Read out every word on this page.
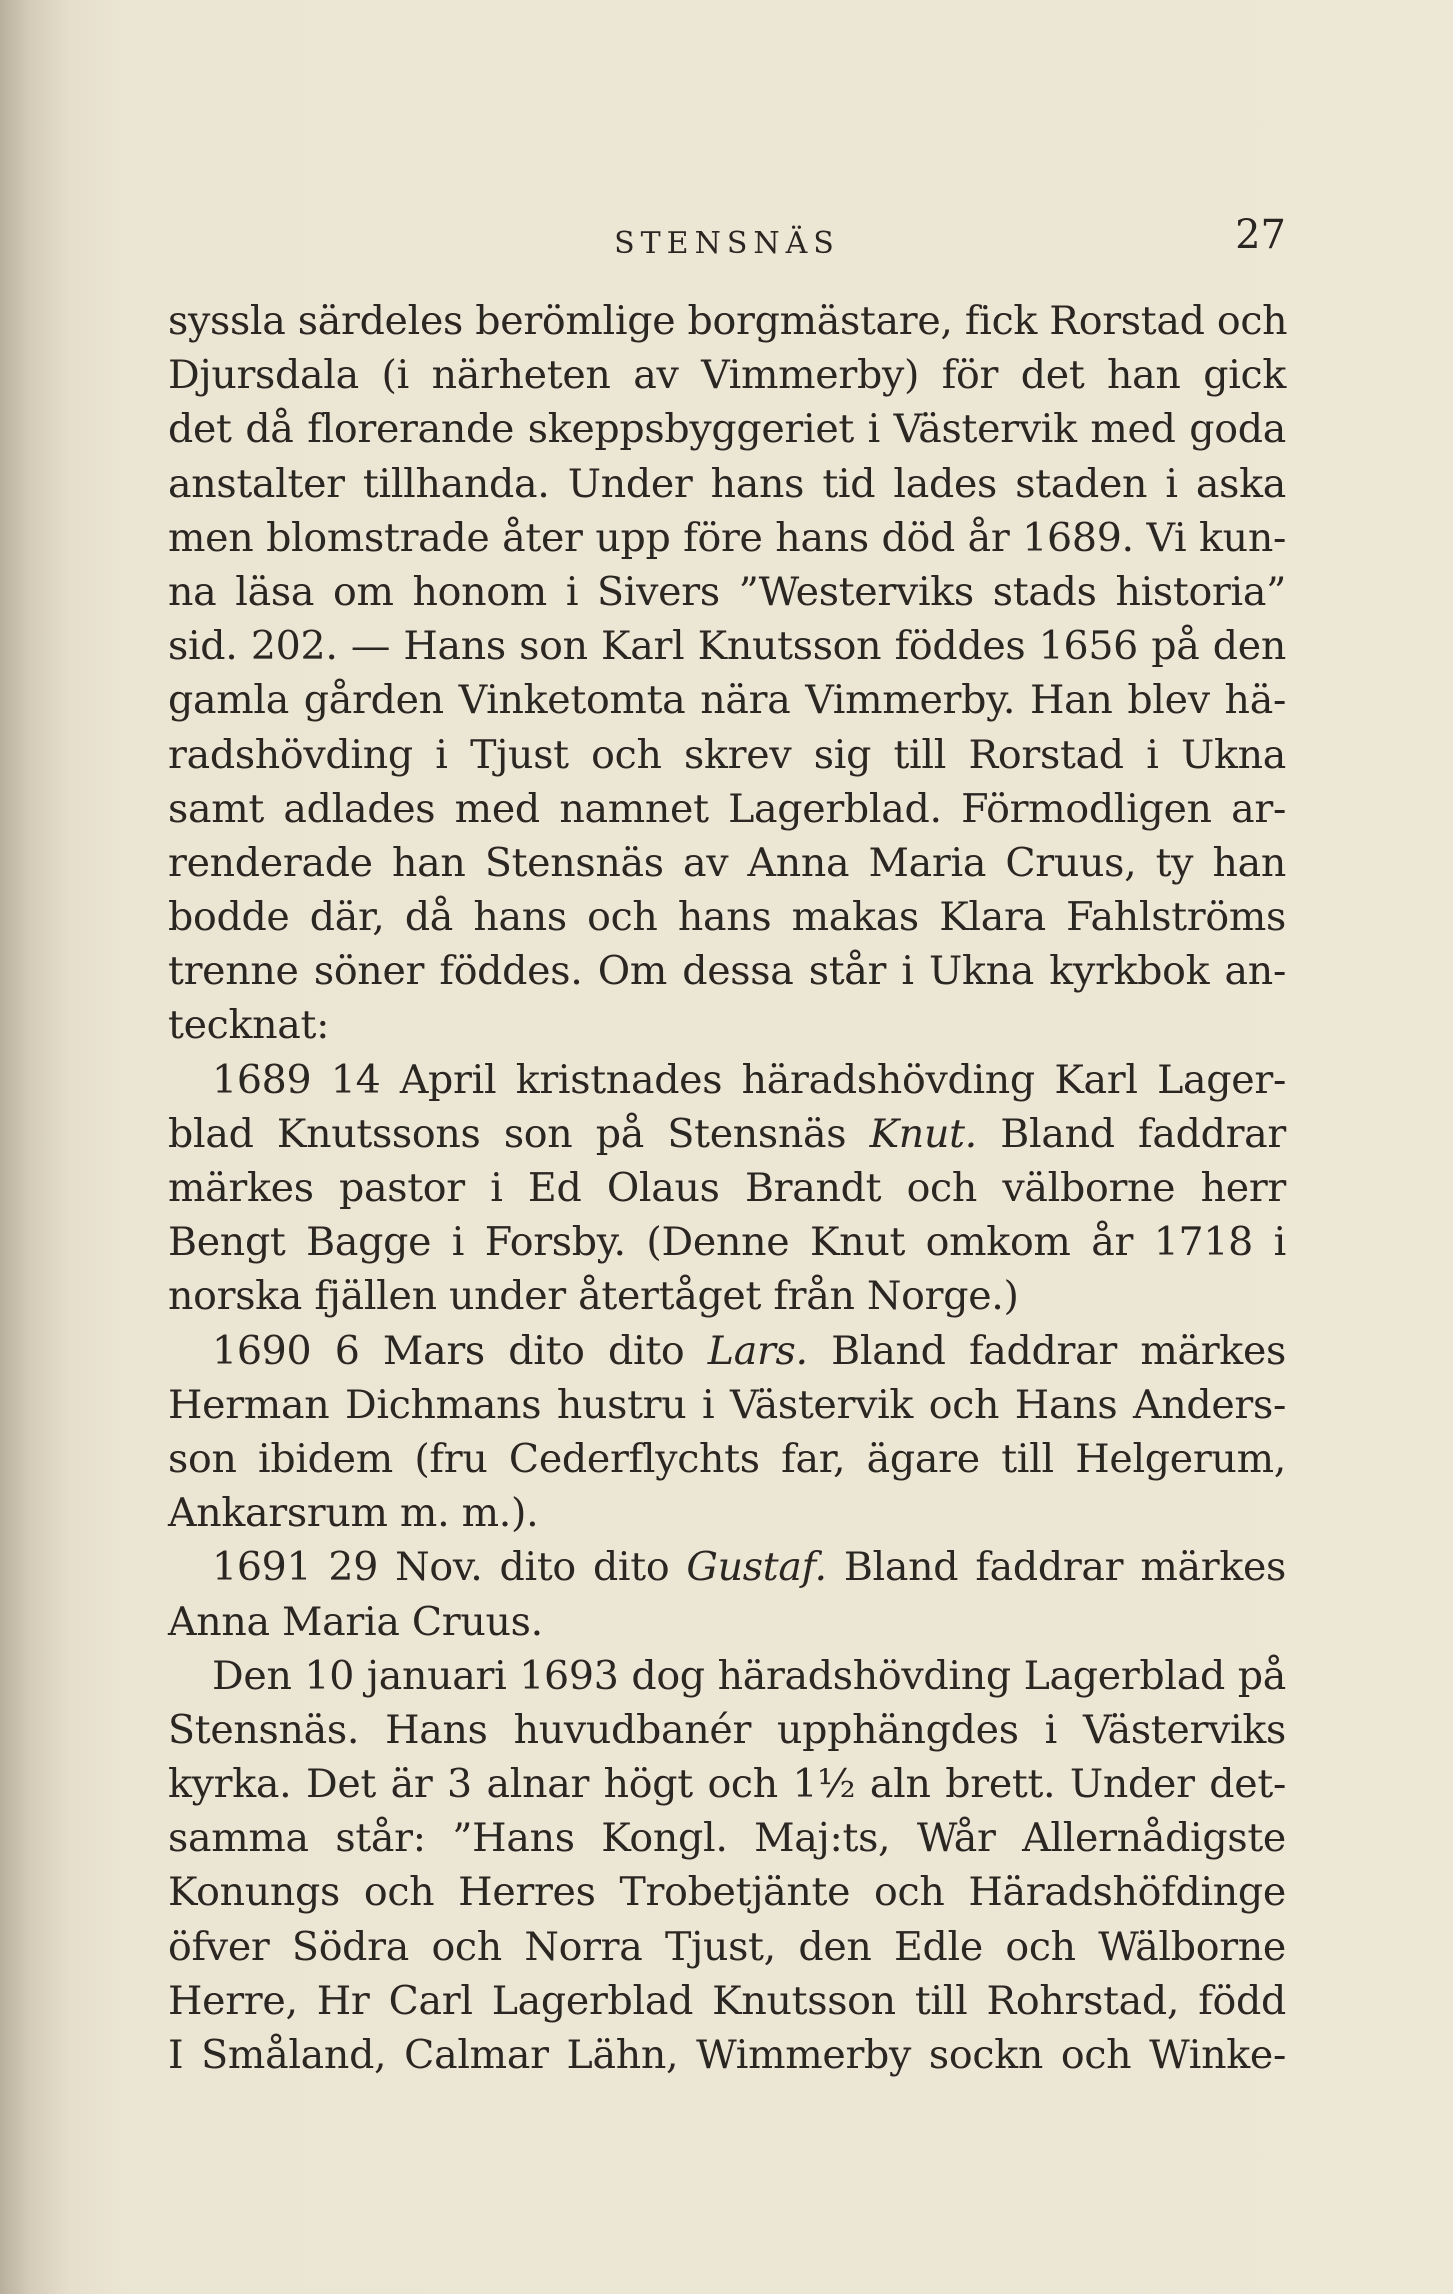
STENSNÄS	27
syssla särdeles berömlige borgmästare, fick Rorstad och
Djursdala (i närheten av Vimmerby) för det han gick
det då florerande skeppsbyggeriet i Västervik med goda
anstalter tillhanda. Under hans tid lades staden i aska
men blomstrade åter upp före hans död år 1689. Vi kun-
na läsa om honom i Sivers ”Westerviks stads historia”
sid. 202. — Hans son Karl Knutsson föddes 1656 på den
gamla gården Vinketomta nära Vimmerby. Han blev hä-
radshövding i Tjust och skrev sig till Rorstad i Ukna
samt adlades med namnet Lagerblad. Förmodligen ar-
renderade han Stensnäs av Anna Maria Cruus, ty han
bodde där, då hans och hans makas Klara Fahlströms
trenne söner föddes. Om dessa står i Ukna kyrkbok an-
tecknat:
1689 14 April kristnades häradshövding Karl Lager-
blad Knutssons son på Stensnäs Knut. Bland faddrar
märkes pastor i Ed Olaus Brandt och välborne herr
Bengt Bagge i Forsby. (Denne Knut omkom år 1718 i
norska fjällen under återtåget från Norge.)
1690 6 Mars dito dito Lars. Bland faddrar märkes
Herman Dichmans hustru i Västervik och Hans Anders-
son ibidem (fru Cederflychts far, ägare till Helgerum,
Ankarsrum m. m.).
1691 29 Nov. dito dito Gustaf. Bland faddrar märkes
Anna Maria Cruus.
Den 10 januari 1693 dog häradshövding Lagerblad på
Stensnäs. Hans huvudbanér upphängdes i Västerviks
kyrka. Det är 3 alnar högt och 1½ aln brett. Under det-
samma står: ”Hans Kongl. Maj:ts, Wår Allernådigste
Konungs och Herres Trobetjänte och Häradshöfdinge
öfver Södra och Norra Tjust, den Edle och Wälborne
Herre, Hr Carl Lagerblad Knutsson till Rohrstad, född
I Småland, Calmar Lähn, Wimmerby sockn och Winke-
